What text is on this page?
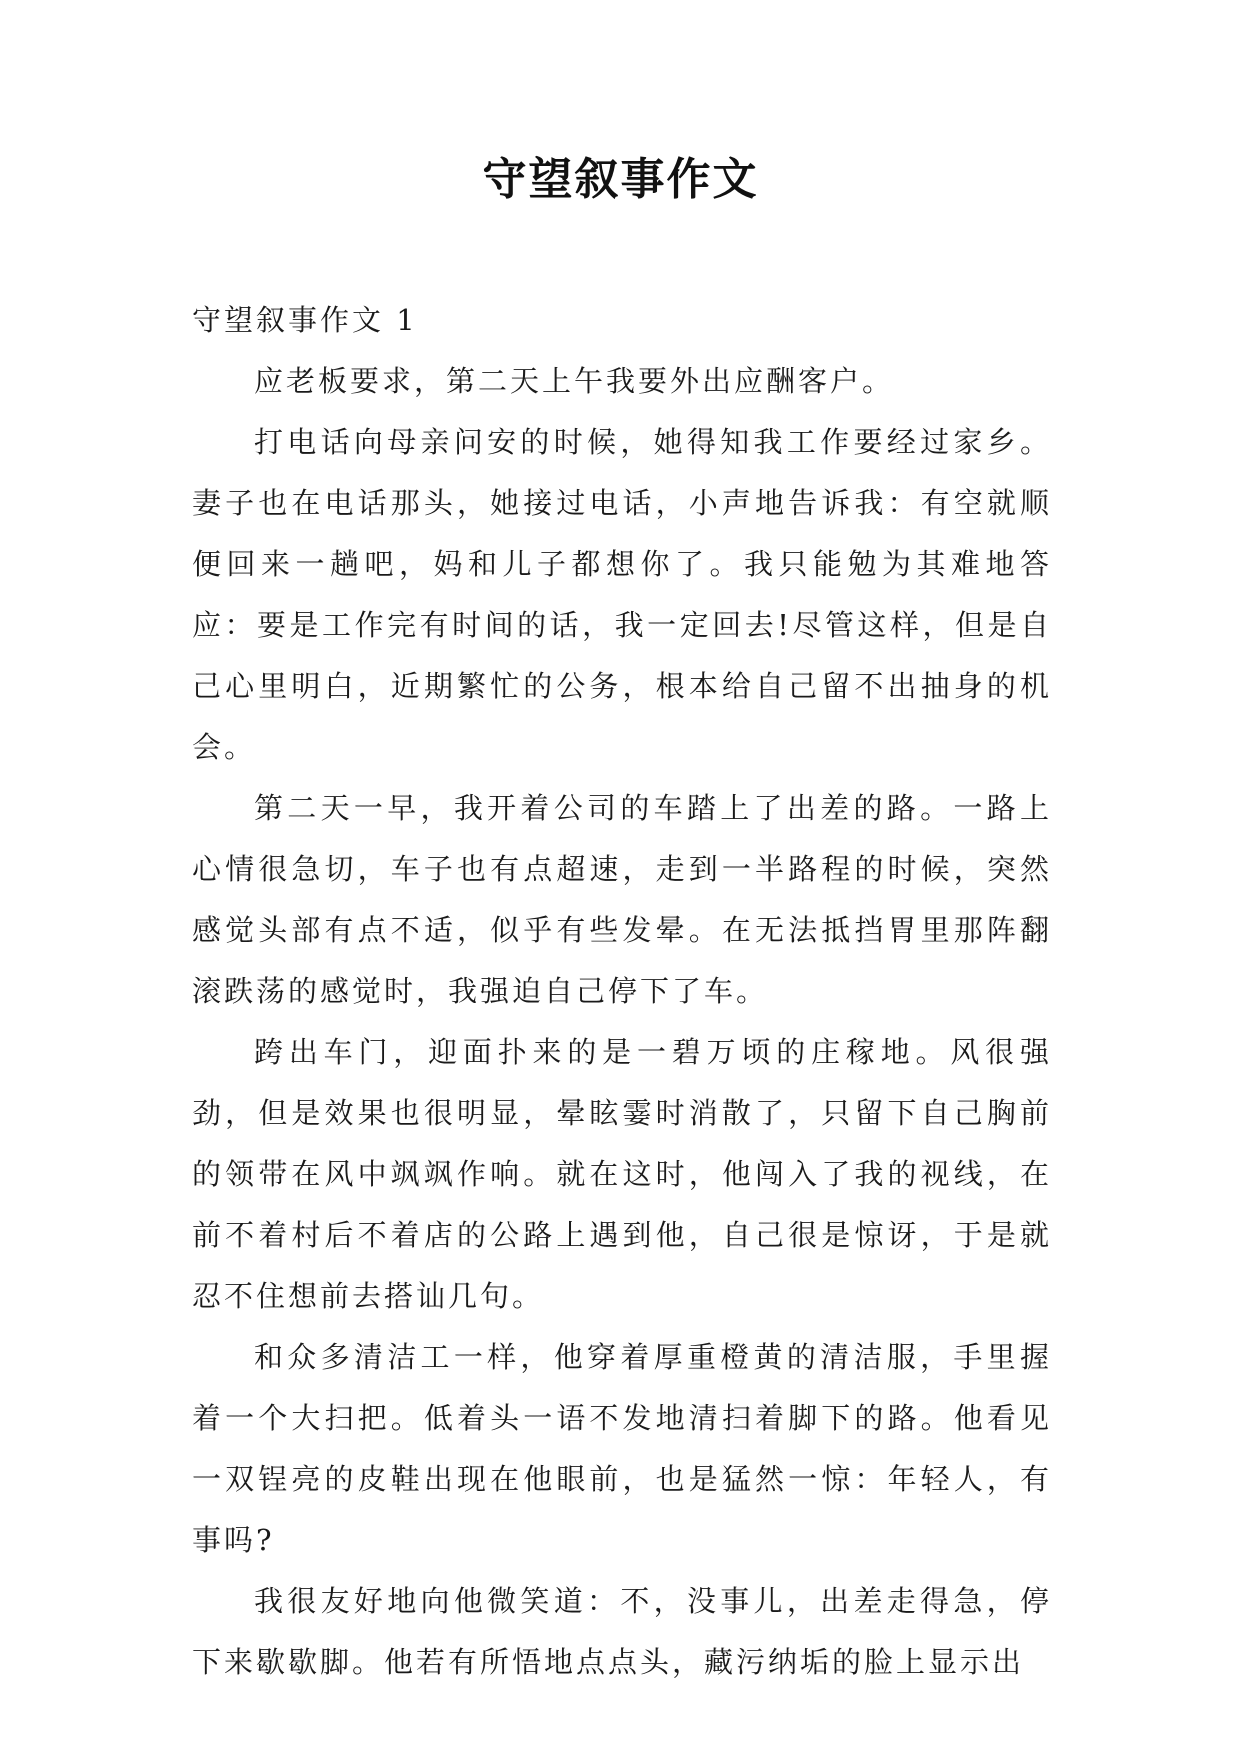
守望叙事作文

守望叙事作文 1

应老板要求，第二天上午我要外出应酬客户。

打电话向母亲问安的时候，她得知我工作要经过家乡。妻子也在电话那头，她接过电话，小声地告诉我：有空就顺便回来一趟吧，妈和儿子都想你了。我只能勉为其难地答应：要是工作完有时间的话，我一定回去!尽管这样，但是自己心里明白，近期繁忙的公务，根本给自己留不出抽身的机会。

第二天一早，我开着公司的车踏上了出差的路。一路上心情很急切，车子也有点超速，走到一半路程的时候，突然感觉头部有点不适，似乎有些发晕。在无法抵挡胃里那阵翻滚跌荡的感觉时，我强迫自己停下了车。

跨出车门，迎面扑来的是一碧万顷的庄稼地。风很强劲，但是效果也很明显，晕眩霎时消散了，只留下自己胸前的领带在风中飒飒作响。就在这时，他闯入了我的视线，在前不着村后不着店的公路上遇到他，自己很是惊讶，于是就忍不住想前去搭讪几句。

和众多清洁工一样，他穿着厚重橙黄的清洁服，手里握着一个大扫把。低着头一语不发地清扫着脚下的路。他看见一双锃亮的皮鞋出现在他眼前，也是猛然一惊：年轻人，有事吗?

我很友好地向他微笑道：不，没事儿，出差走得急，停下来歇歇脚。他若有所悟地点点头，藏污纳垢的脸上显示出
